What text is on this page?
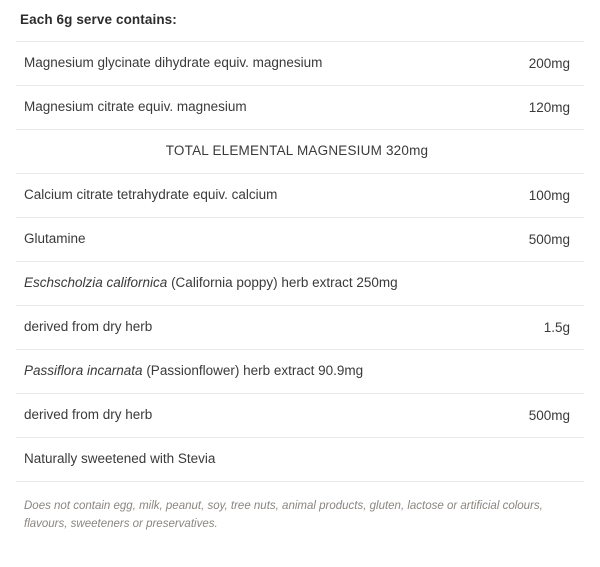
Each 6g serve contains:
Magnesium glycinate dihydrate equiv. magnesium	200mg
Magnesium citrate equiv. magnesium	120mg
TOTAL ELEMENTAL MAGNESIUM 320mg
Calcium citrate tetrahydrate equiv. calcium	100mg
Glutamine	500mg
Eschscholzia californica (California poppy) herb extract 250mg
derived from dry herb	1.5g
Passiflora incarnata (Passionflower) herb extract 90.9mg
derived from dry herb	500mg
Naturally sweetened with Stevia
Does not contain egg, milk, peanut, soy, tree nuts, animal products, gluten, lactose or artificial colours, flavours, sweeteners or preservatives.
